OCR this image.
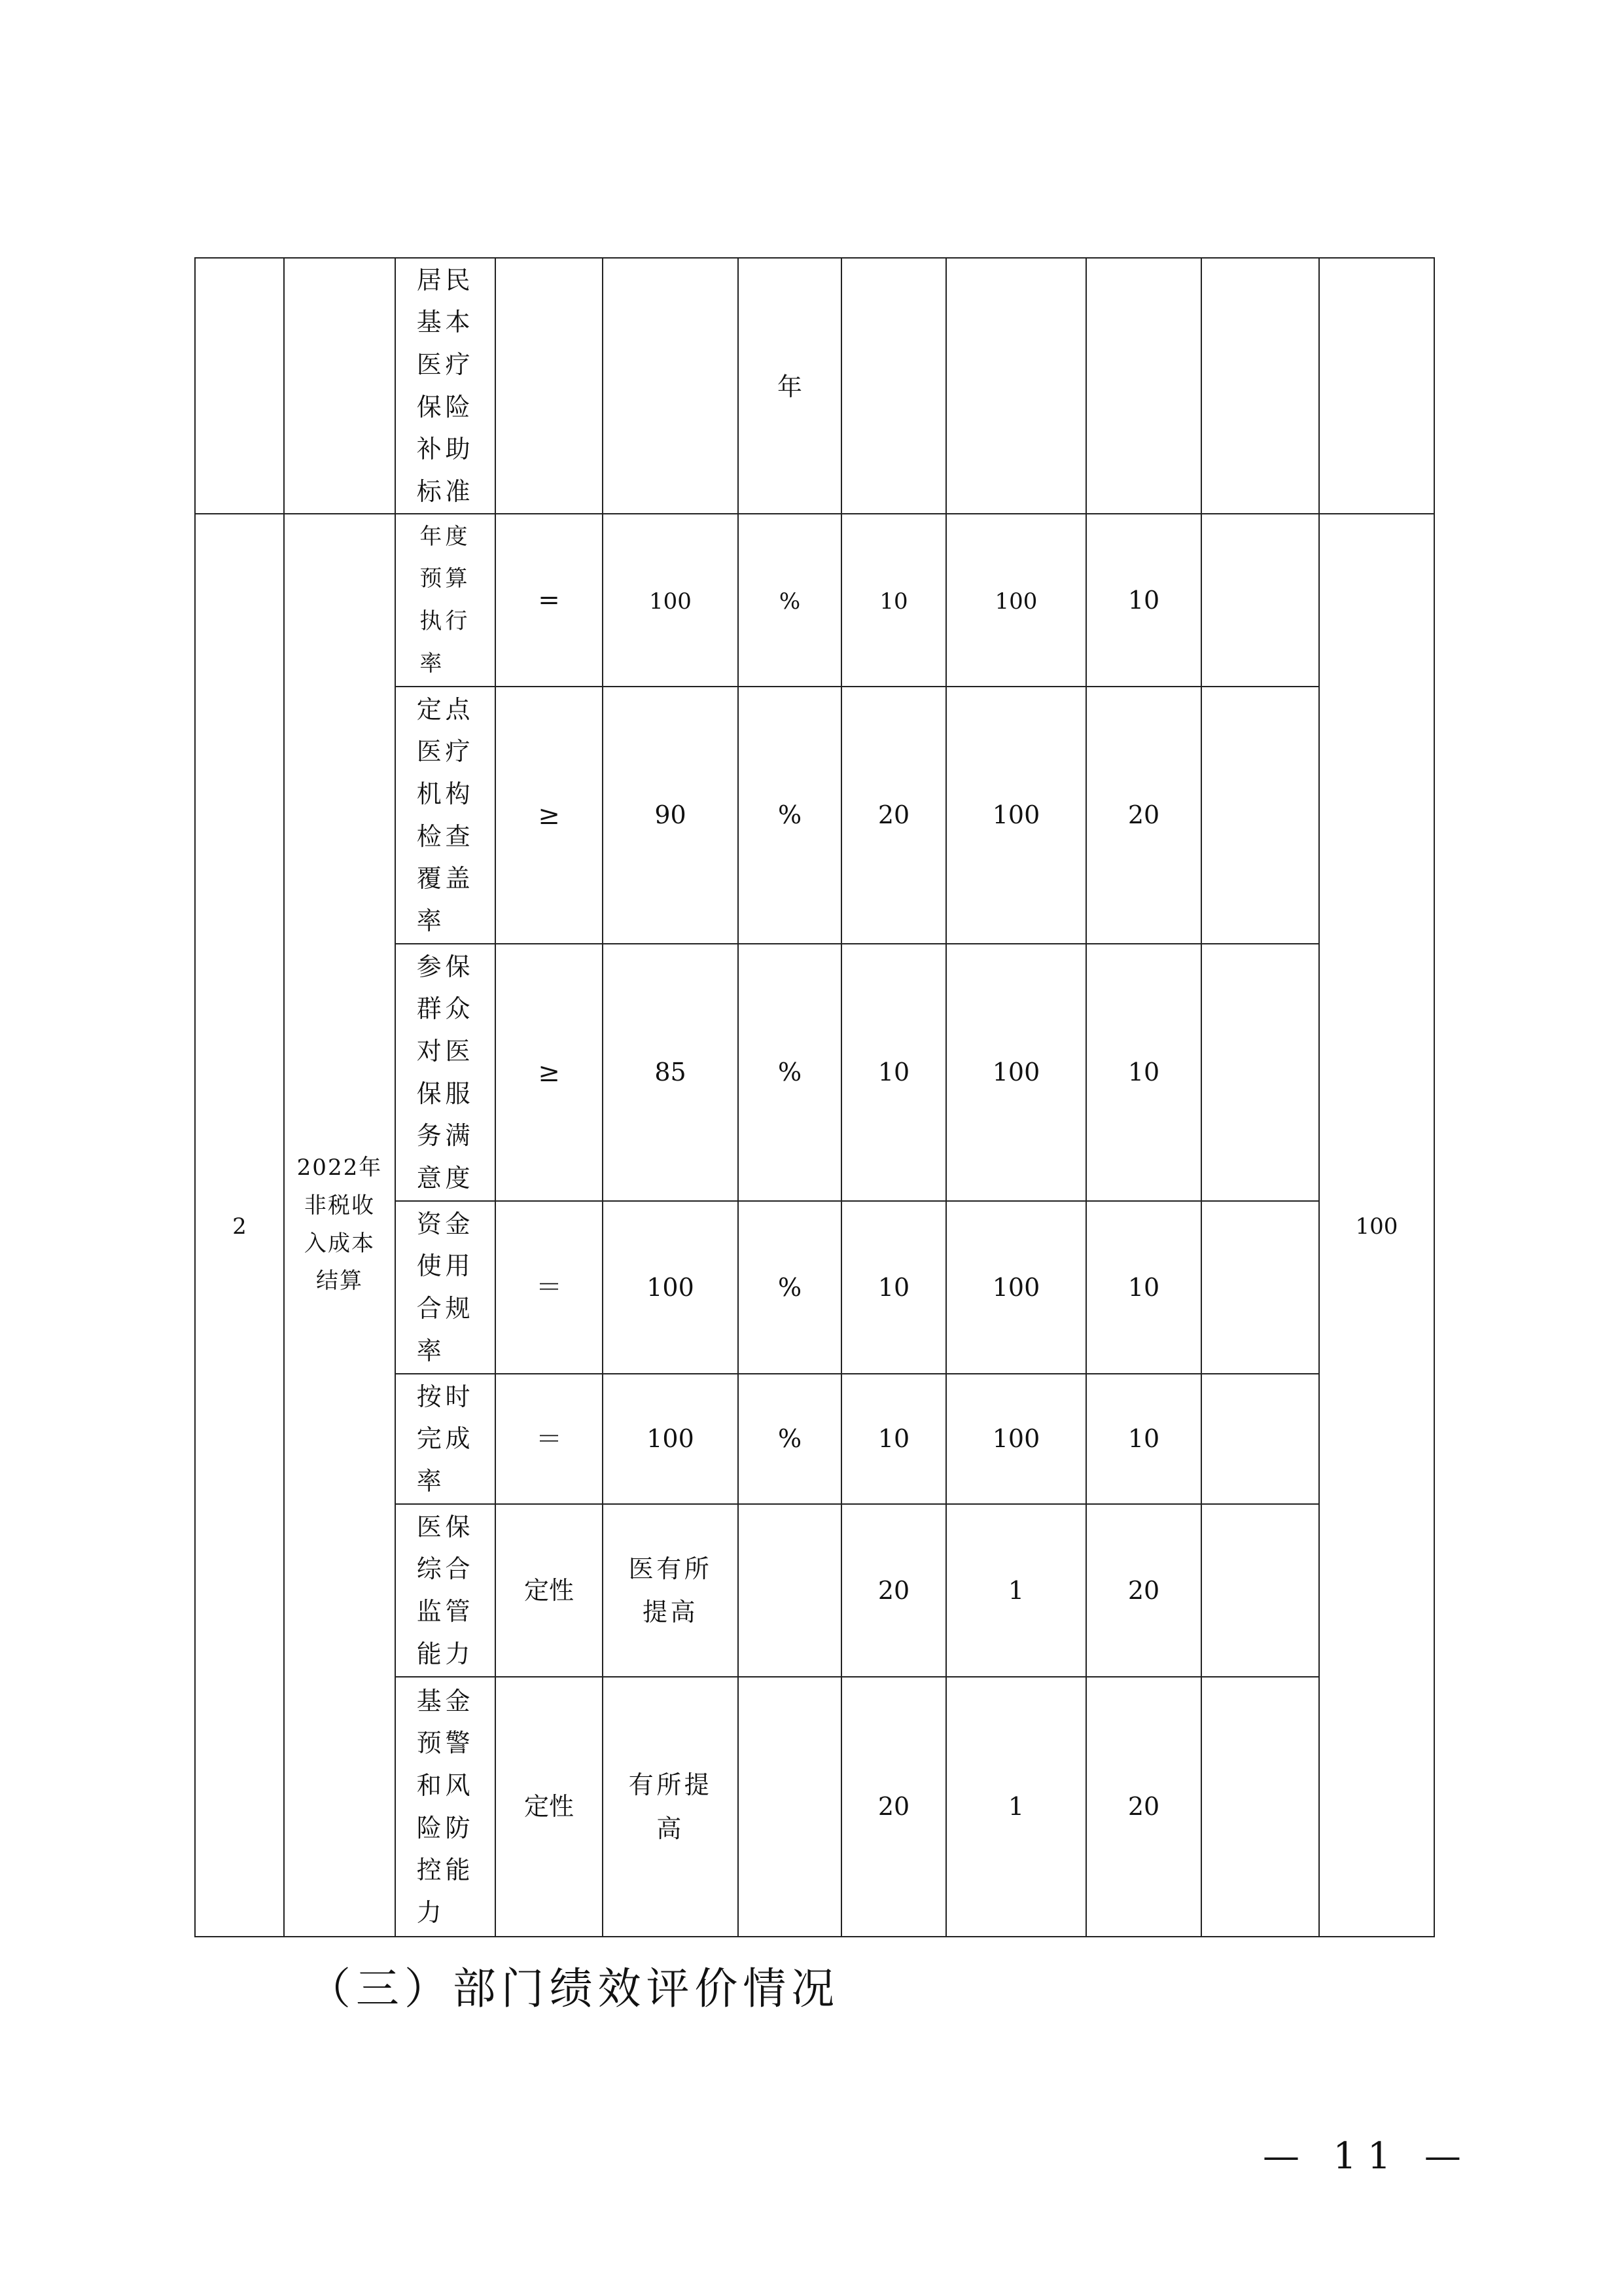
		居民基本医疗保险补助标准			年					
2	2022年非税收入成本结算	年度预算执行率	=	100	%	10	100	10		100
		定点医疗机构检查覆盖率	≥	90	%	20	100	20		
		参保群众对医保服务满意度	≥	85	%	10	100	10		
		资金使用合规率	＝	100	%	10	100	10		
		按时完成率	＝	100	%	10	100	10		
		医保综合监管能力	定性	医有所提高		20	1	20		
		基金预警和风险防控能力	定性	有所提高		20	1	20		
（三）部门绩效评价情况
— 11 —
